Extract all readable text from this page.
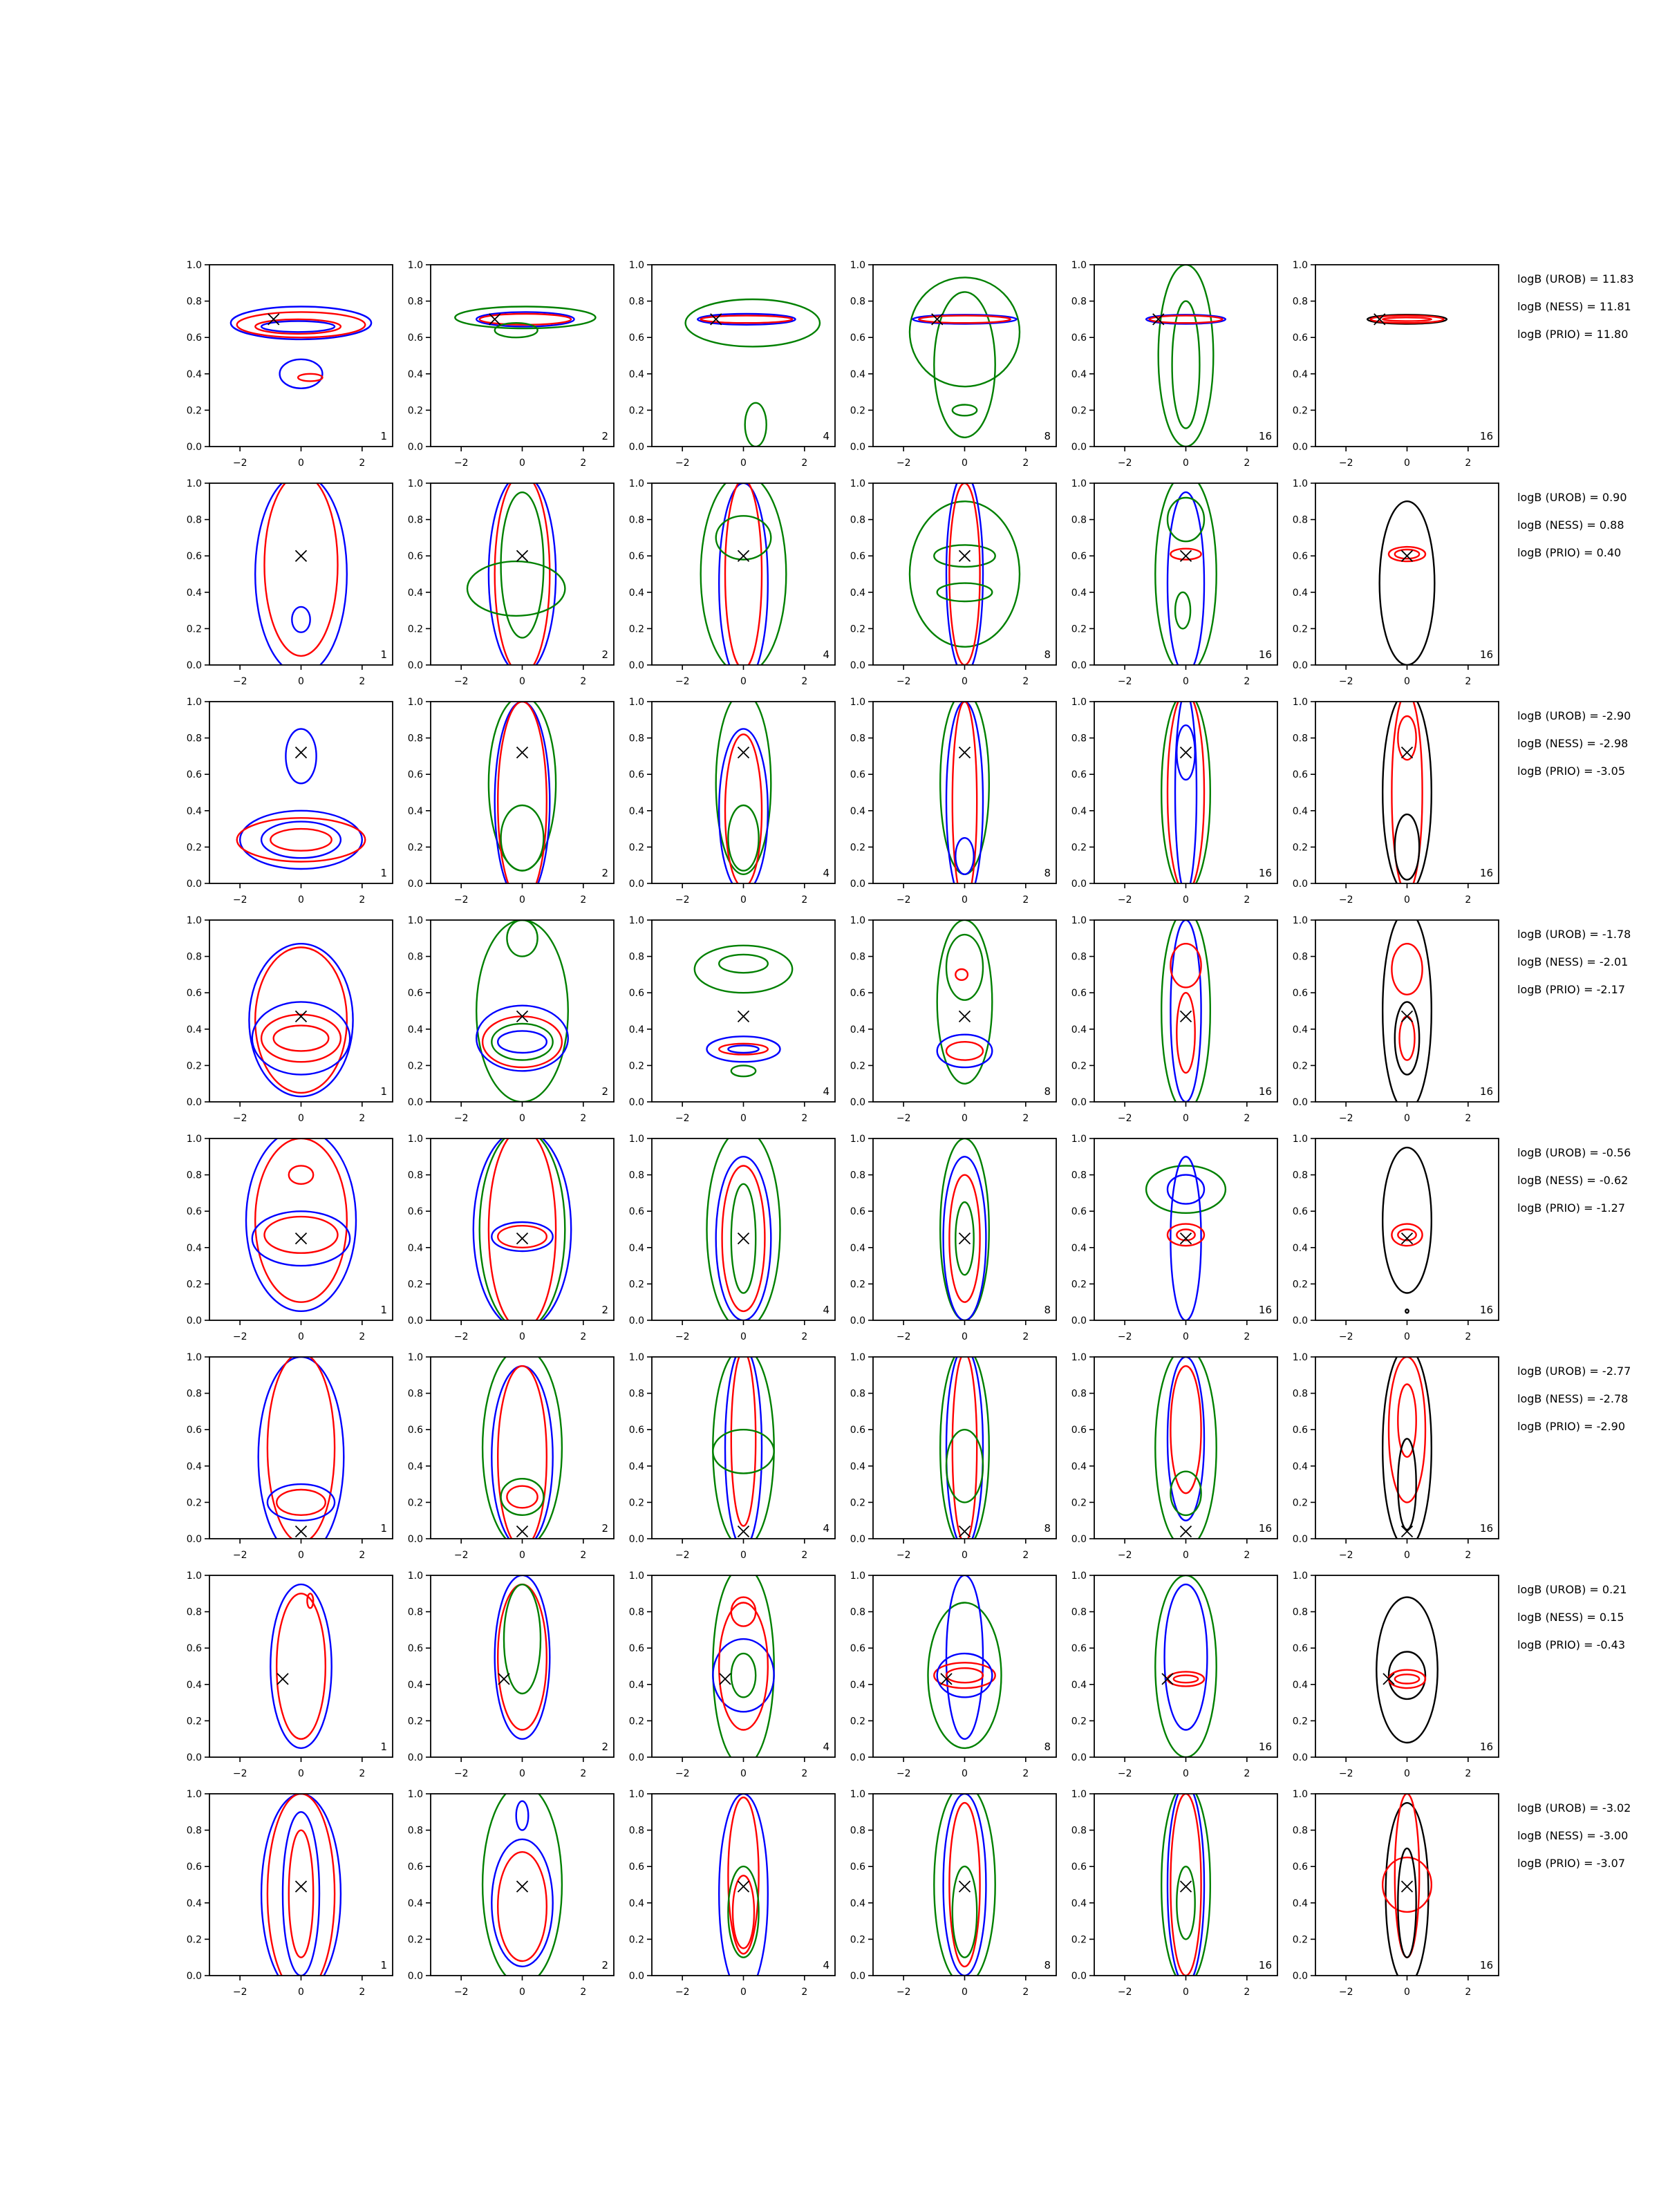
−2	0	2
0.0
0.2
0.4
0.6
0.8
1.0
1
−2	0	2
0.0
0.2
0.4
0.6
0.8
1.0
2
−2	0	2
0.0
0.2
0.4
0.6
0.8
1.0
4
−2	0	2
0.0
0.2
0.4
0.6
0.8
1.0
8
−2	0	2
0.0
0.2
0.4
0.6
0.8
1.0
16
−2	0	2
0.0
0.2
0.4
0.6
0.8
1.0
16
logB (UROB) = 11.83
logB (NESS) = 11.81
logB (PRIO) = 11.80
−2	0	2
0.0
0.2
0.4
0.6
0.8
1.0
1
−2	0	2
0.0
0.2
0.4
0.6
0.8
1.0
2
−2	0	2
0.0
0.2
0.4
0.6
0.8
1.0
4
−2	0	2
0.0
0.2
0.4
0.6
0.8
1.0
8
−2	0	2
0.0
0.2
0.4
0.6
0.8
1.0
16
−2	0	2
0.0
0.2
0.4
0.6
0.8
1.0
16
logB (UROB) = 0.90
logB (NESS) = 0.88
logB (PRIO) = 0.40
−2	0	2
0.0
0.2
0.4
0.6
0.8
1.0
1
−2	0	2
0.0
0.2
0.4
0.6
0.8
1.0
2
−2	0	2
0.0
0.2
0.4
0.6
0.8
1.0
4
−2	0	2
0.0
0.2
0.4
0.6
0.8
1.0
8
−2	0	2
0.0
0.2
0.4
0.6
0.8
1.0
16
−2	0	2
0.0
0.2
0.4
0.6
0.8
1.0
16
logB (UROB) = -2.90
logB (NESS) = -2.98
logB (PRIO) = -3.05
−2	0	2
0.0
0.2
0.4
0.6
0.8
1.0
1
−2	0	2
0.0
0.2
0.4
0.6
0.8
1.0
2
−2	0	2
0.0
0.2
0.4
0.6
0.8
1.0
4
−2	0	2
0.0
0.2
0.4
0.6
0.8
1.0
8
−2	0	2
0.0
0.2
0.4
0.6
0.8
1.0
16
−2	0	2
0.0
0.2
0.4
0.6
0.8
1.0
16
logB (UROB) = -1.78
logB (NESS) = -2.01
logB (PRIO) = -2.17
−2	0	2
0.0
0.2
0.4
0.6
0.8
1.0
1
−2	0	2
0.0
0.2
0.4
0.6
0.8
1.0
2
−2	0	2
0.0
0.2
0.4
0.6
0.8
1.0
4
−2	0	2
0.0
0.2
0.4
0.6
0.8
1.0
8
−2	0	2
0.0
0.2
0.4
0.6
0.8
1.0
16
−2	0	2
0.0
0.2
0.4
0.6
0.8
1.0
16
logB (UROB) = -0.56
logB (NESS) = -0.62
logB (PRIO) = -1.27
−2	0	2
0.0
0.2
0.4
0.6
0.8
1.0
1
−2	0	2
0.0
0.2
0.4
0.6
0.8
1.0
2
−2	0	2
0.0
0.2
0.4
0.6
0.8
1.0
4
−2	0	2
0.0
0.2
0.4
0.6
0.8
1.0
8
−2	0	2
0.0
0.2
0.4
0.6
0.8
1.0
16
−2	0	2
0.0
0.2
0.4
0.6
0.8
1.0
16
logB (UROB) = -2.77
logB (NESS) = -2.78
logB (PRIO) = -2.90
−2	0	2
0.0
0.2
0.4
0.6
0.8
1.0
1
−2	0	2
0.0
0.2
0.4
0.6
0.8
1.0
2
−2	0	2
0.0
0.2
0.4
0.6
0.8
1.0
4
−2	0	2
0.0
0.2
0.4
0.6
0.8
1.0
8
−2	0	2
0.0
0.2
0.4
0.6
0.8
1.0
16
−2	0	2
0.0
0.2
0.4
0.6
0.8
1.0
16
logB (UROB) = 0.21
logB (NESS) = 0.15
logB (PRIO) = -0.43
−2	0	2
0.0
0.2
0.4
0.6
0.8
1.0
1
−2	0	2
0.0
0.2
0.4
0.6
0.8
1.0
2
−2	0	2
0.0
0.2
0.4
0.6
0.8
1.0
4
−2	0	2
0.0
0.2
0.4
0.6
0.8
1.0
8
−2	0	2
0.0
0.2
0.4
0.6
0.8
1.0
16
−2	0	2
0.0
0.2
0.4
0.6
0.8
1.0
16
logB (UROB) = -3.02
logB (NESS) = -3.00
logB (PRIO) = -3.07
